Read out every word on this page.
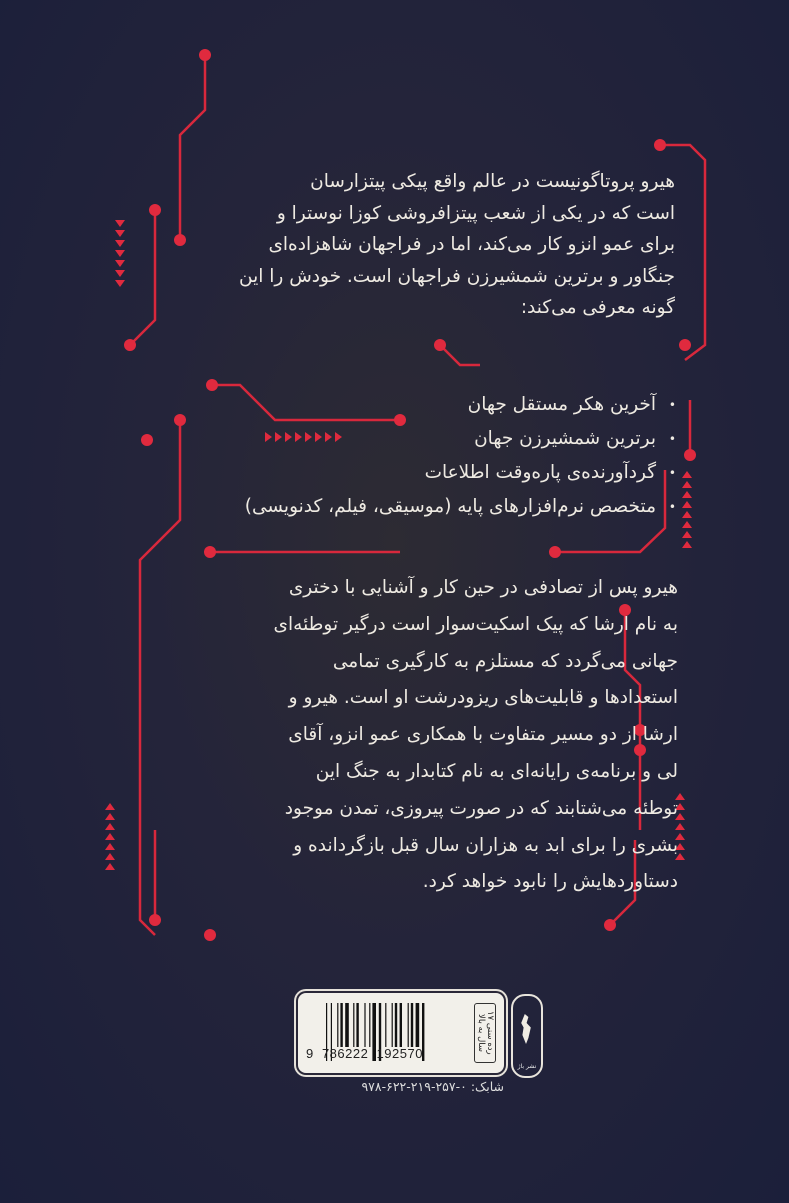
هیرو پروتاگونیست در عالم واقع پیکی پیتزارسان

است که در یکی از شعب پیتزافروشی کوزا نوسترا و

برای عمو انزو کار می‌کند، اما در فراجهان شاهزاده‌ای

جنگاور و برترین شمشیرزن فراجهان است. خودش را این

گونه معرفی می‌کند:

• آخرین هکر مستقل جهان
• برترین شمشیرزن جهان
• گردآورنده‌ی پاره‌وقت اطلاعات
• متخصص نرم‌افزارهای پایه (موسیقی، فیلم، کدنویسی)

هیرو پس از تصادفی در حین کار و آشنایی با دختری

به نام ارشا که پیک اسکیت‌سوار است درگیر توطئه‌ای

جهانی می‌گردد که مستلزم به کارگیری تمامی

استعدادها و قابلیت‌های ریزودرشت او است. هیرو و

ارشا از دو مسیر متفاوت با همکاری عمو انزو، آقای

لی و برنامه‌ی رایانه‌ای به نام کتابدار به جنگ این

توطئه می‌شتابند که در صورت پیروزی، تمدن موجود

بشری را برای ابد به هزاران سال قبل بازگردانده و

دستاوردهایش را نابود خواهد کرد.

9  786222  192570
رده سنی ۱۷ سال به بالا
شابک: ۰-۲۵۷-۲۱۹-۶۲۲-۹۷۸
نشر باژ
